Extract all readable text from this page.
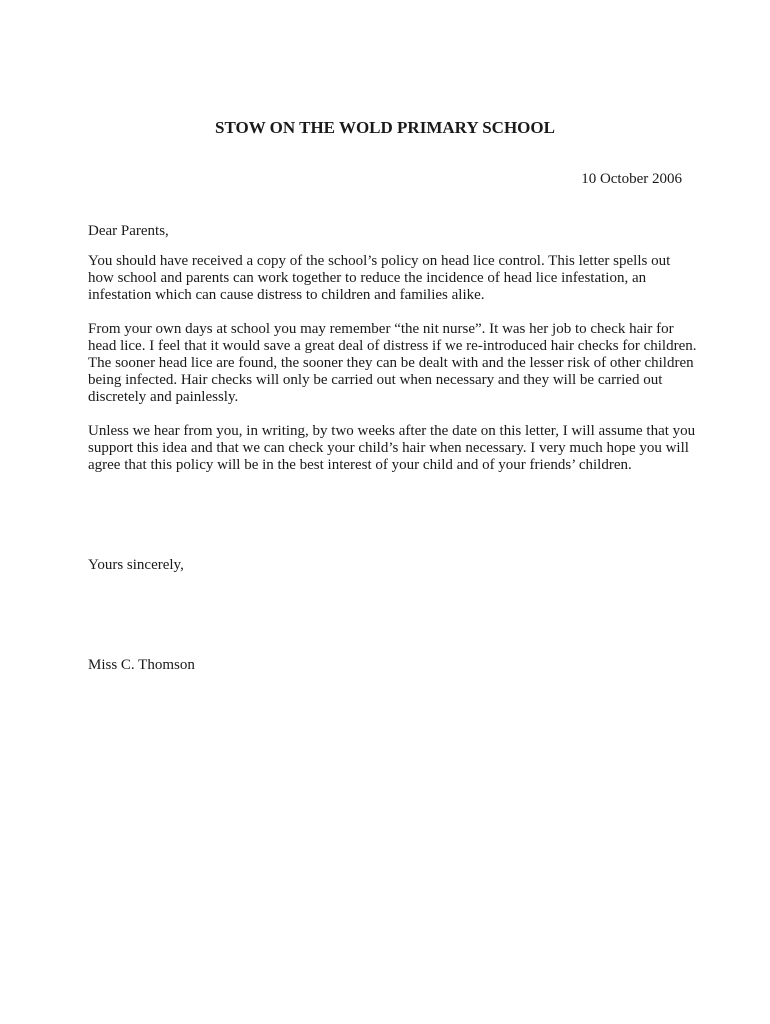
STOW ON THE WOLD PRIMARY SCHOOL
10 October 2006
Dear Parents,
You should have received a copy of the school’s policy on head lice control. This letter spells out how school and parents can work together to reduce the incidence of head lice infestation, an infestation which can cause distress to children and families alike.
From your own days at school you may remember “the nit nurse”. It was her job to check hair for head lice. I feel that it would save a great deal of distress if we re-introduced hair checks for children. The sooner head lice are found, the sooner they can be dealt with and the lesser risk of other children being infected. Hair checks will only be carried out when necessary and they will be carried out discretely and painlessly.
Unless we hear from you, in writing, by two weeks after the date on this letter, I will assume that you support this idea and that we can check your child’s hair when necessary. I very much hope you will agree that this policy will be in the best interest of your child and of your friends’ children.
Yours sincerely,
Miss C. Thomson
